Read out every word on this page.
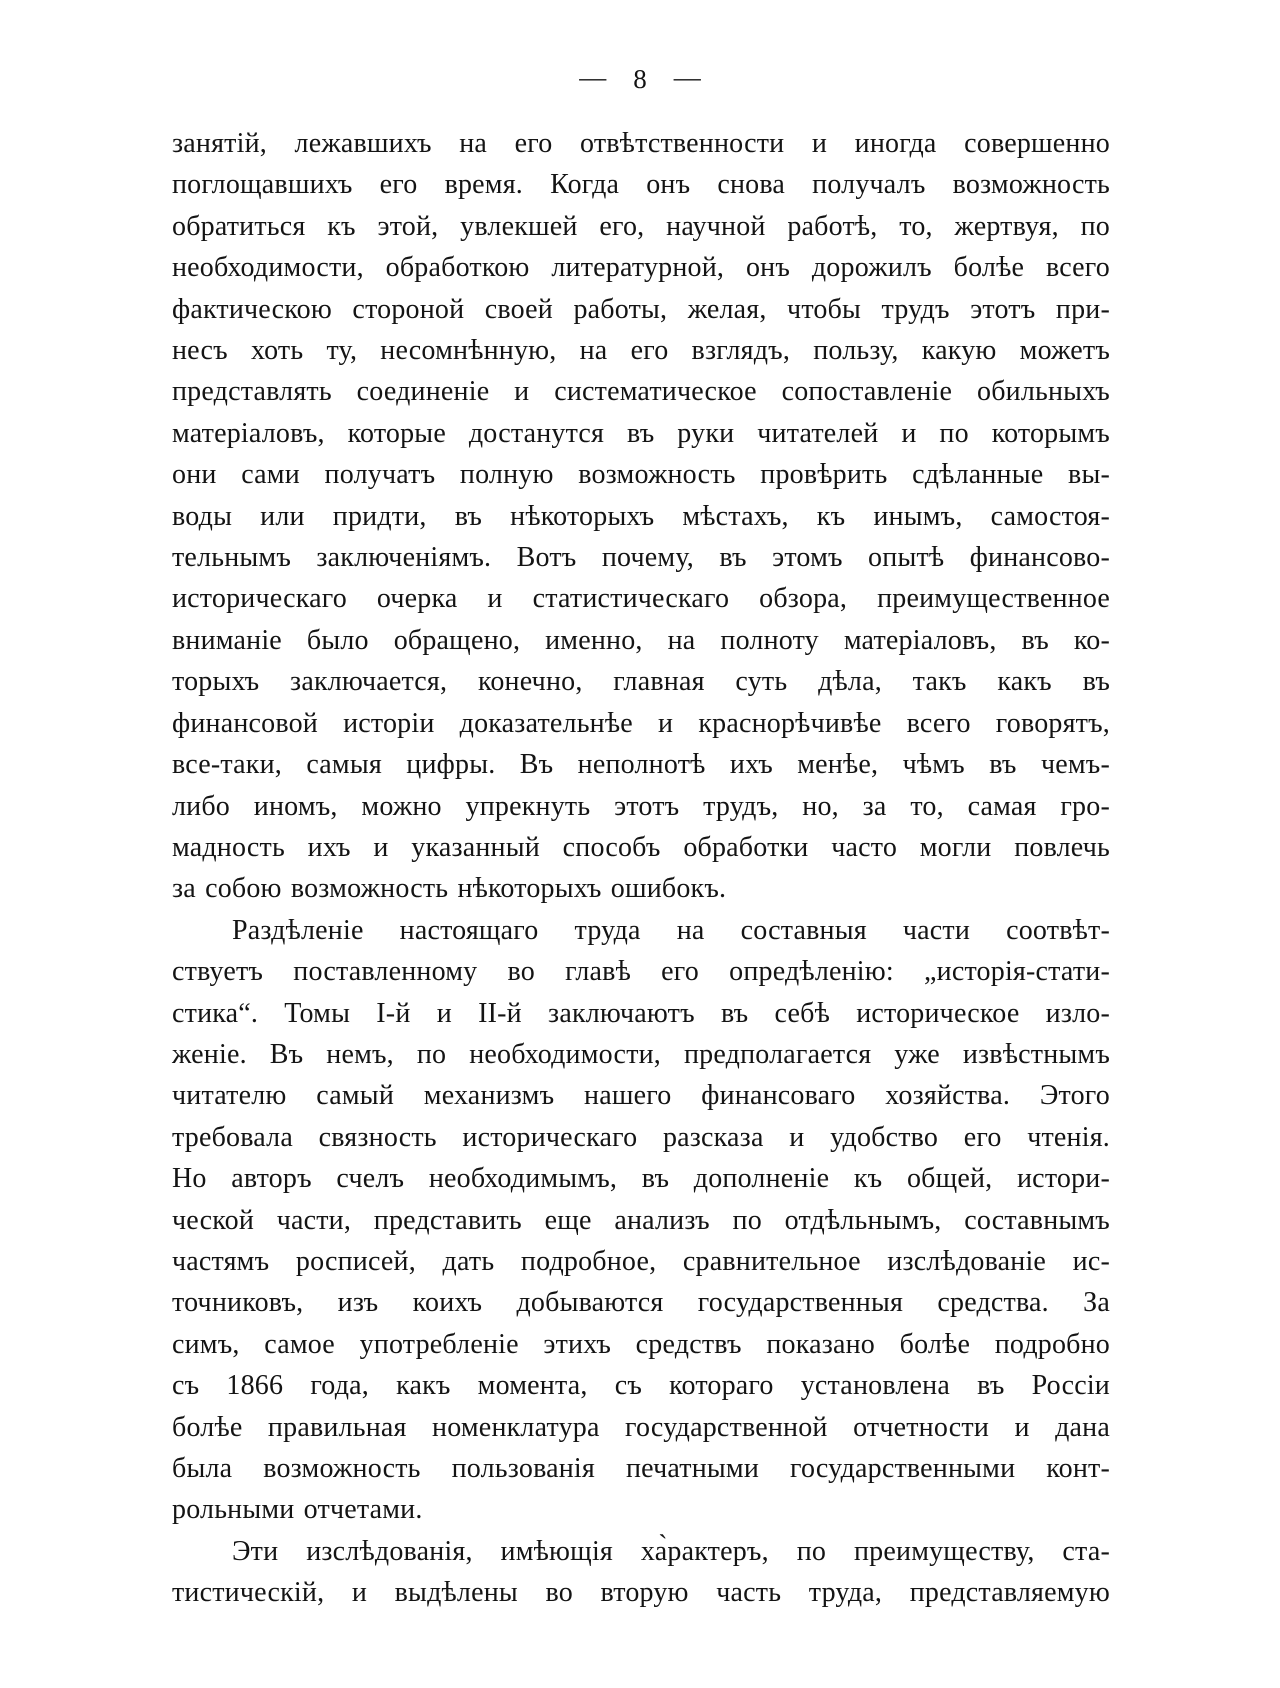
— 8 —
занятій, лежавшихъ на его отвѣтственности и иногда совершенно
поглощавшихъ его время. Когда онъ снова получалъ возможность
обратиться къ этой, увлекшей его, научной работѣ, то, жертвуя, по
необходимости, обработкою литературной, онъ дорожилъ болѣе всего
фактическою стороной своей работы, желая, чтобы трудъ этотъ при-
несъ хоть ту, несомнѣнную, на его взглядъ, пользу, какую можетъ
представлять соединеніе и систематическое сопоставленіе обильныхъ
матеріаловъ, которые достанутся въ руки читателей и по которымъ
они сами получатъ полную возможность провѣрить сдѣланные вы-
воды или придти, въ нѣкоторыхъ мѣстахъ, къ инымъ, самостоя-
тельнымъ заключеніямъ. Вотъ почему, въ этомъ опытѣ финансово-
историческаго очерка и статистическаго обзора, преимущественное
вниманіе было обращено, именно, на полноту матеріаловъ, въ ко-
торыхъ заключается, конечно, главная суть дѣла, такъ какъ въ
финансовой исторіи доказательнѣе и краснорѣчивѣе всего говорятъ,
все-таки, самыя цифры. Въ неполнотѣ ихъ менѣе, чѣмъ въ чемъ-
либо иномъ, можно упрекнуть этотъ трудъ, но, за то, самая гро-
мадность ихъ и указанный способъ обработки часто могли повлечь
за собою возможность нѣкоторыхъ ошибокъ.
Раздѣленіе настоящаго труда на составныя части соотвѣт-
ствуетъ поставленному во главѣ его опредѣленію: „исторія-стати-
стика“. Томы I-й и II-й заключаютъ въ себѣ историческое изло-
женіе. Въ немъ, по необходимости, предполагается уже извѣстнымъ
читателю самый механизмъ нашего финансоваго хозяйства. Этого
требовала связность историческаго разсказа и удобство его чтенія.
Но авторъ счелъ необходимымъ, въ дополненіе къ общей, истори-
ческой части, представить еще анализъ по отдѣльнымъ, составнымъ
частямъ росписей, дать подробное, сравнительное изслѣдованіе ис-
точниковъ, изъ коихъ добываются государственныя средства. За
симъ, самое употребленіе этихъ средствъ показано болѣе подробно
съ 1866 года, какъ момента, съ котораго установлена въ Россіи
болѣе правильная номенклатура государственной отчетности и дана
была возможность пользованія печатными государственными конт-
рольными отчетами.
Эти изслѣдованія, имѣющія ха̀рактеръ, по преимуществу, ста-
тистическій, и выдѣлены во вторую часть труда, представляемую
